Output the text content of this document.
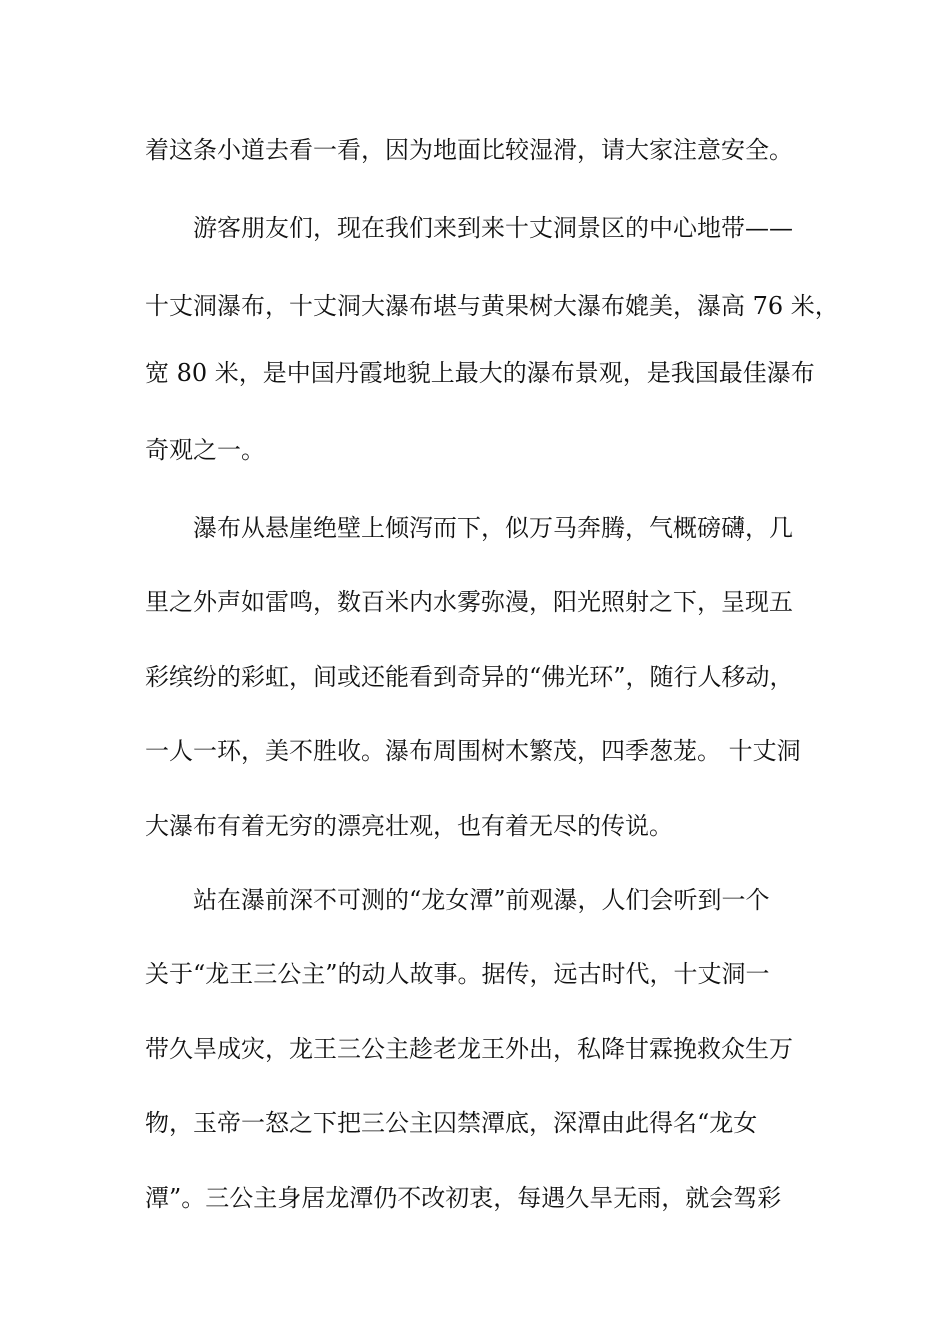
着这条小道去看一看，因为地面比较湿滑，请大家注意安全。
游客朋友们，现在我们来到来十丈洞景区的中心地带——
十丈洞瀑布，十丈洞大瀑布堪与黄果树大瀑布媲美，瀑高 76 米，
宽 80 米，是中国丹霞地貌上最大的瀑布景观，是我国最佳瀑布
奇观之一。
瀑布从悬崖绝壁上倾泻而下，似万马奔腾，气概磅礴，几
里之外声如雷鸣，数百米内水雾弥漫，阳光照射之下，呈现五
彩缤纷的彩虹，间或还能看到奇异的“佛光环”，随行人移动，
一人一环，美不胜收。瀑布周围树木繁茂，四季葱茏。 十丈洞
大瀑布有着无穷的漂亮壮观，也有着无尽的传说。
站在瀑前深不可测的“龙女潭”前观瀑，人们会听到一个
关于“龙王三公主”的动人故事。据传，远古时代，十丈洞一
带久旱成灾，龙王三公主趁老龙王外出，私降甘霖挽救众生万
物，玉帝一怒之下把三公主囚禁潭底，深潭由此得名“龙女
潭”。三公主身居龙潭仍不改初衷，每遇久旱无雨，就会驾彩
